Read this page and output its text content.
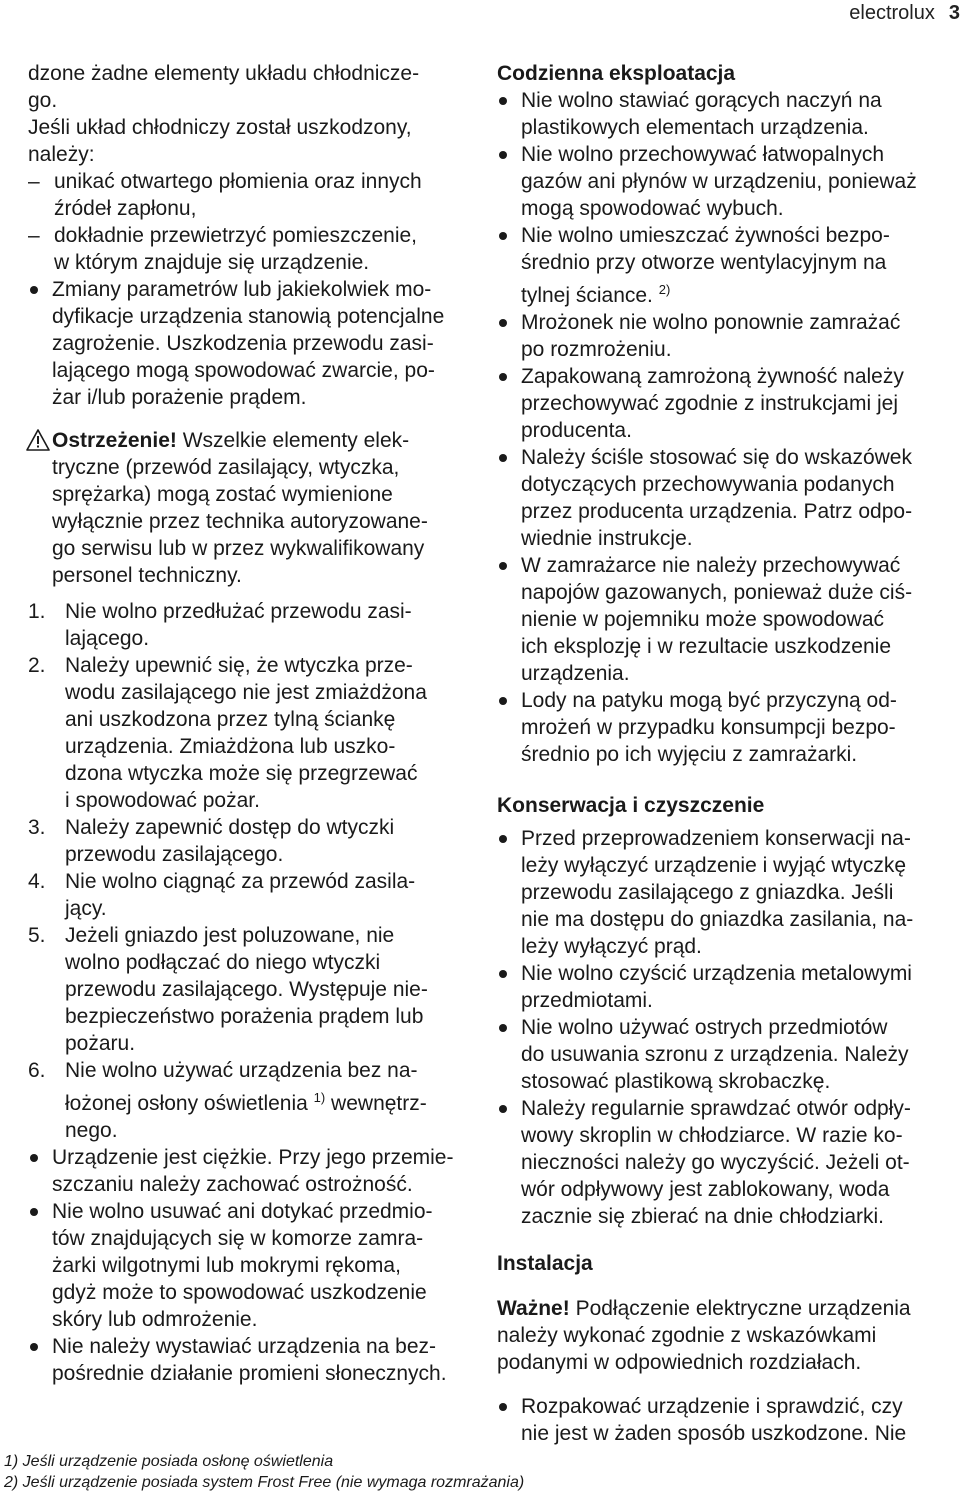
electrolux 3

dzone żadne elementy układu chłodnicze-
go.

Jeśli układ chłodniczy został uszkodzony,
należy:

– unikać otwartego płomienia oraz innych
źródeł zapłonu,

– dokładnie przewietrzyć pomieszczenie,
w którym znajduje się urządzenie.

Zmiany parametrów lub jakiekolwiek mo-
dyfikacje urządzenia stanowią potencjalne
zagrożenie. Uszkodzenia przewodu zasi-
lającego mogą spowodować zwarcie, po-
żar i/lub porażenie prądem.

Ostrzeżenie! Wszelkie elementy elek-
tryczne (przewód zasilający, wtyczka,
sprężarka) mogą zostać wymienione
wyłącznie przez technika autoryzowane-
go serwisu lub w przez wykwalifikowany
personel techniczny.

1. Nie wolno przedłużać przewodu zasi-
lającego.

2. Należy upewnić się, że wtyczka prze-
wodu zasilającego nie jest zmiażdżona
ani uszkodzona przez tylną ściankę
urządzenia. Zmiażdżona lub uszko-
dzona wtyczka może się przegrzewać
i spowodować pożar.

3. Należy zapewnić dostęp do wtyczki
przewodu zasilającego.

4. Nie wolno ciągnąć za przewód zasila-
jący.

5. Jeżeli gniazdo jest poluzowane, nie
wolno podłączać do niego wtyczki
przewodu zasilającego. Występuje nie-
bezpieczeństwo porażenia prądem lub
pożaru.

6. Nie wolno używać urządzenia bez na-
łożonej osłony oświetlenia $^{1)}$ wewnętrz-
nego.

Urządzenie jest ciężkie. Przy jego przemie-
szczaniu należy zachować ostrożność.

Nie wolno usuwać ani dotykać przedmio-
tów znajdujących się w komorze zamra-
żarki wilgotnymi lub mokrymi rękoma,
gdyż może to spowodować uszkodzenie
skóry lub odmrożenie.

Nie należy wystawiać urządzenia na bez-
pośrednie działanie promieni słonecznych.

Codzienna eksploatacja

Nie wolno stawiać gorących naczyń na
plastikowych elementach urządzenia.

Nie wolno przechowywać łatwopalnych
gazów ani płynów w urządzeniu, ponieważ
mogą spowodować wybuch.

Nie wolno umieszczać żywności bezpo-
średnio przy otworze wentylacyjnym na
tylnej ściance. $^{2)}$

Mrożonek nie wolno ponownie zamrażać
po rozmrożeniu.

Zapakowaną zamrożoną żywność należy
przechowywać zgodnie z instrukcjami jej
producenta.

Należy ściśle stosować się do wskazówek
dotyczących przechowywania podanych
przez producenta urządzenia. Patrz odpo-
wiednie instrukcje.

W zamrażarce nie należy przechowywać
napojów gazowanych, ponieważ duże ciś-
nienie w pojemniku może spowodować
ich eksplozję i w rezultacie uszkodzenie
urządzenia.

Lody na patyku mogą być przyczyną od-
mrożeń w przypadku konsumpcji bezpo-
średnio po ich wyjęciu z zamrażarki.

Konserwacja i czyszczenie

Przed przeprowadzeniem konserwacji na-
leży wyłączyć urządzenie i wyjąć wtyczkę
przewodu zasilającego z gniazdka. Jeśli
nie ma dostępu do gniazdka zasilania, na-
leży wyłączyć prąd.

Nie wolno czyścić urządzenia metalowymi
przedmiotami.

Nie wolno używać ostrych przedmiotów
do usuwania szronu z urządzenia. Należy
stosować plastikową skrobaczkę.

Należy regularnie sprawdzać otwór odpły-
wowy skroplin w chłodziarce. W razie ko-
nieczności należy go wyczyścić. Jeżeli ot-
wór odpływowy jest zablokowany, woda
zacznie się zbierać na dnie chłodziarki.

Instalacja

Ważne! Podłączenie elektryczne urządzenia
należy wykonać zgodnie z wskazówkami
podanymi w odpowiednich rozdziałach.

Rozpakować urządzenie i sprawdzić, czy
nie jest w żaden sposób uszkodzone. Nie

1) Jeśli urządzenie posiada osłonę oświetlenia
2) Jeśli urządzenie posiada system Frost Free (nie wymaga rozmrażania)
